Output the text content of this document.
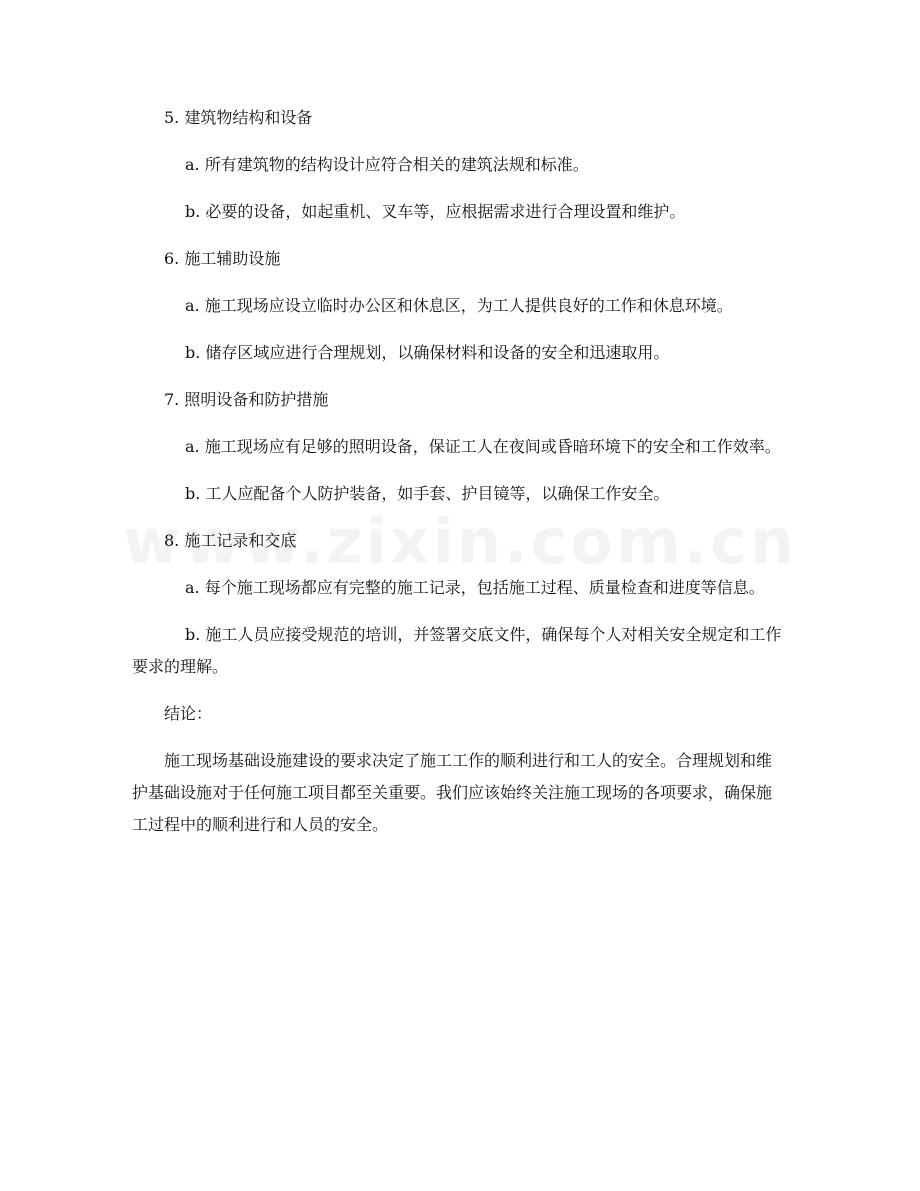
5. 建筑物结构和设备

a. 所有建筑物的结构设计应符合相关的建筑法规和标准。

b. 必要的设备，如起重机、叉车等，应根据需求进行合理设置和维护。

6. 施工辅助设施

a. 施工现场应设立临时办公区和休息区，为工人提供良好的工作和休息环境。

b. 储存区域应进行合理规划，以确保材料和设备的安全和迅速取用。

7. 照明设备和防护措施

a. 施工现场应有足够的照明设备，保证工人在夜间或昏暗环境下的安全和工作效率。

b. 工人应配备个人防护装备，如手套、护目镜等，以确保工作安全。

8. 施工记录和交底

a. 每个施工现场都应有完整的施工记录，包括施工过程、质量检查和进度等信息。

b. 施工人员应接受规范的培训，并签署交底文件，确保每个人对相关安全规定和工作要求的理解。

结论：

施工现场基础设施建设的要求决定了施工工作的顺利进行和工人的安全。合理规划和维护基础设施对于任何施工项目都至关重要。我们应该始终关注施工现场的各项要求，确保施工过程中的顺利进行和人员的安全。
